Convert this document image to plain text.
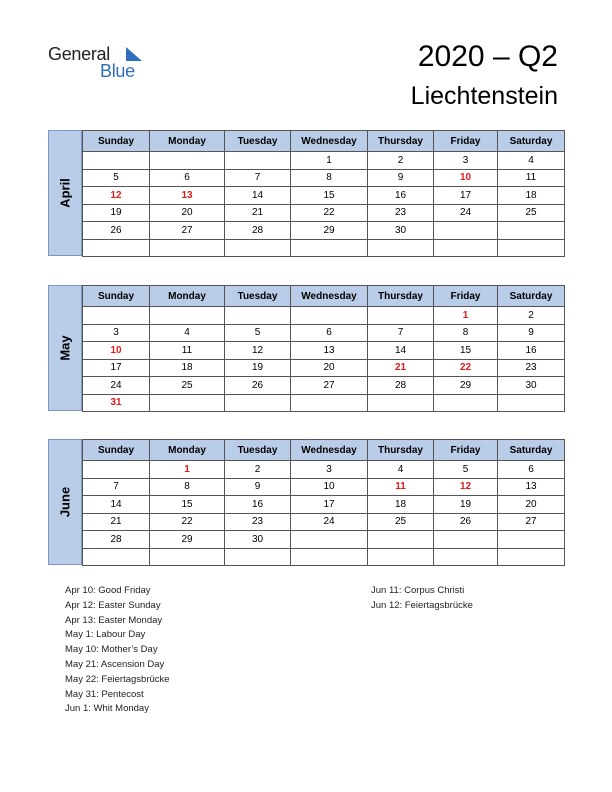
General
Blue	2020 – Q2
Liechtenstein
April
Sunday	Monday	Tuesday	Wednesday	Thursday	Friday	Saturday
			1	2	3	4
5	6	7	8	9	10	11
12	13	14	15	16	17	18
19	20	21	22	23	24	25
26	27	28	29	30		

May
Sunday	Monday	Tuesday	Wednesday	Thursday	Friday	Saturday
					1	2
3	4	5	6	7	8	9
10	11	12	13	14	15	16
17	18	19	20	21	22	23
24	25	26	27	28	29	30
31						
June
Sunday	Monday	Tuesday	Wednesday	Thursday	Friday	Saturday
	1	2	3	4	5	6
7	8	9	10	11	12	13
14	15	16	17	18	19	20
21	22	23	24	25	26	27
28	29	30				

Apr 10: Good Friday
Apr 12: Easter Sunday
Apr 13: Easter Monday
May 1: Labour Day
May 10: Mother’s Day
May 21: Ascension Day
May 22: Feiertagsbrücke
May 31: Pentecost
Jun 1: Whit Monday
Jun 11: Corpus Christi
Jun 12: Feiertagsbrücke
